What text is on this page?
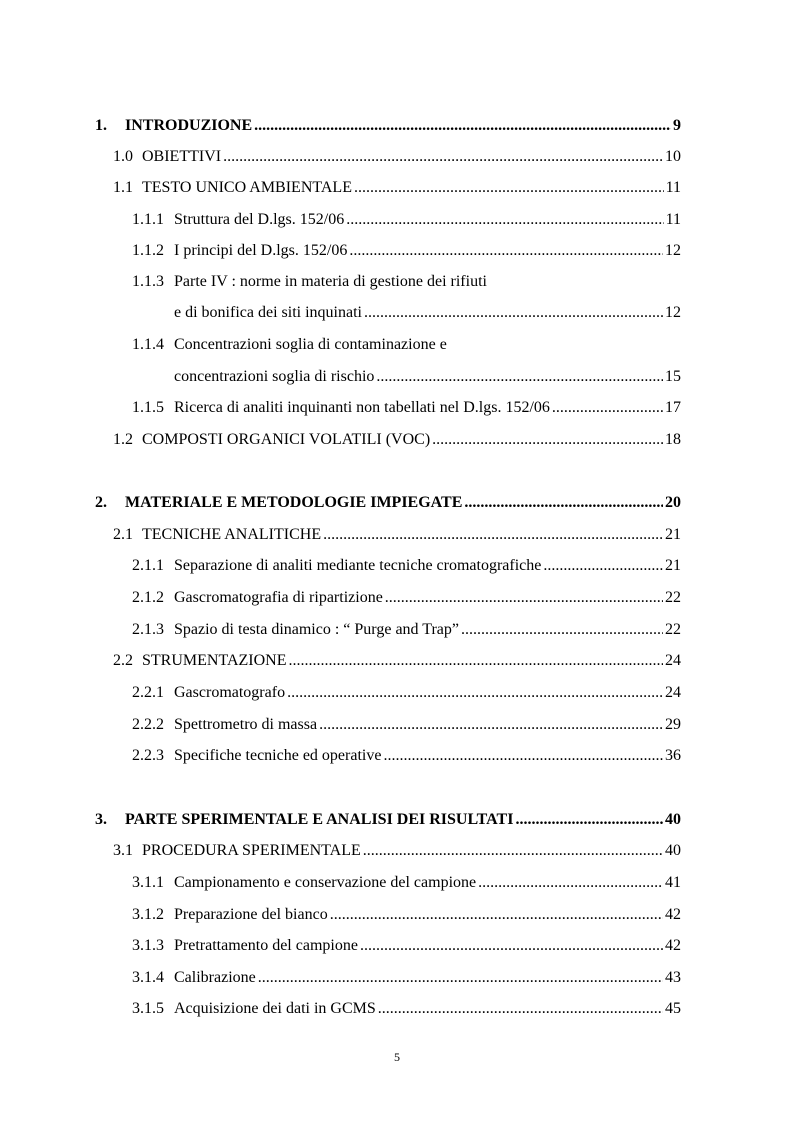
1. INTRODUZIONE .....	9
1.0 OBIETTIVI .....	10
1.1 TESTO UNICO AMBIENTALE .....	11
1.1.1 Struttura del D.lgs. 152/06 .....	11
1.1.2 I principi del D.lgs. 152/06 .....	12
1.1.3 Parte IV : norme in materia di gestione dei rifiuti
e di bonifica dei siti inquinati .....	12
1.1.4 Concentrazioni soglia di contaminazione e
concentrazioni soglia di rischio .....	15
1.1.5 Ricerca di analiti inquinanti non tabellati nel D.lgs. 152/06 .....	17
1.2 COMPOSTI ORGANICI VOLATILI (VOC) .....	18
2. MATERIALE E METODOLOGIE IMPIEGATE .....	20
2.1 TECNICHE ANALITICHE .....	21
2.1.1 Separazione di analiti mediante tecniche cromatografiche .....	21
2.1.2 Gascromatografia di ripartizione .....	22
2.1.3 Spazio di testa dinamico : “ Purge and Trap” .....	22
2.2 STRUMENTAZIONE .....	24
2.2.1 Gascromatografo .....	24
2.2.2 Spettrometro di massa .....	29
2.2.3 Specifiche tecniche ed operative .....	36
3. PARTE SPERIMENTALE E ANALISI DEI RISULTATI .....	40
3.1 PROCEDURA SPERIMENTALE .....	40
3.1.1 Campionamento e conservazione del campione .....	41
3.1.2 Preparazione del bianco .....	42
3.1.3 Pretrattamento del campione .....	42
3.1.4 Calibrazione .....	43
3.1.5 Acquisizione dei dati in GCMS .....	45
5
